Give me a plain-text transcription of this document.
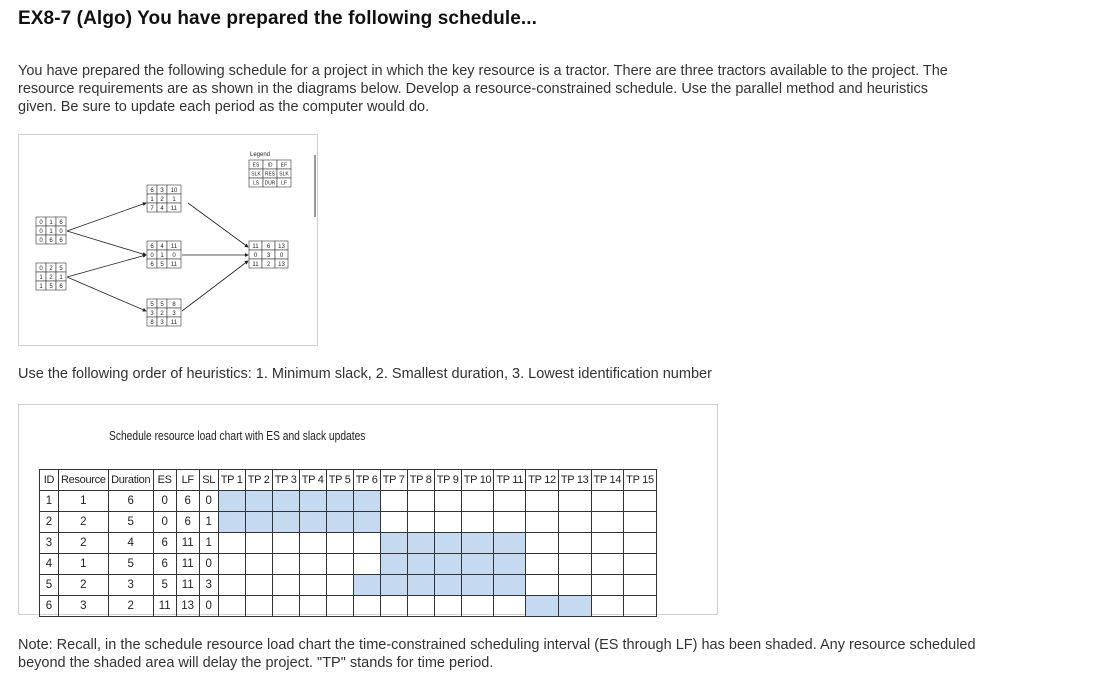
EX8-7 (Algo) You have prepared the following schedule...
You have prepared the following schedule for a project in which the key resource is a tractor. There are three tractors available to the project. The resource requirements are as shown in the diagrams below. Develop a resource-constrained schedule. Use the parallel method and heuristics given. Be sure to update each period as the computer would do.
0 1 6
0 1 0
0 6 6
0 2 5
1 2 1
1 5 6
6 3 10
1 2 1
7 4 11
6 4 11
0 1 0
6 5 11
5 5 8
3 2 3
8 3 11
11 6 13
0 3 0
11 2 13
Legend
ES ID EF
SLK RES SLK
LS DUR LF
Use the following order of heuristics: 1. Minimum slack, 2. Smallest duration, 3. Lowest identification number
Schedule resource load chart with ES and slack updates
ID	Resource	Duration	ES	LF	SL	TP 1	TP 2	TP 3	TP 4	TP 5	TP 6	TP 7	TP 8	TP 9	TP 10	TP 11	TP 12	TP 13	TP 14	TP 15
1	1	6	0	6	0															
2	2	5	0	6	1															
3	2	4	6	11	1															
4	1	5	6	11	0															
5	2	3	5	11	3															
6	3	2	11	13	0															
Note: Recall, in the schedule resource load chart the time-constrained scheduling interval (ES through LF) has been shaded. Any resource scheduled beyond the shaded area will delay the project. "TP" stands for time period.
